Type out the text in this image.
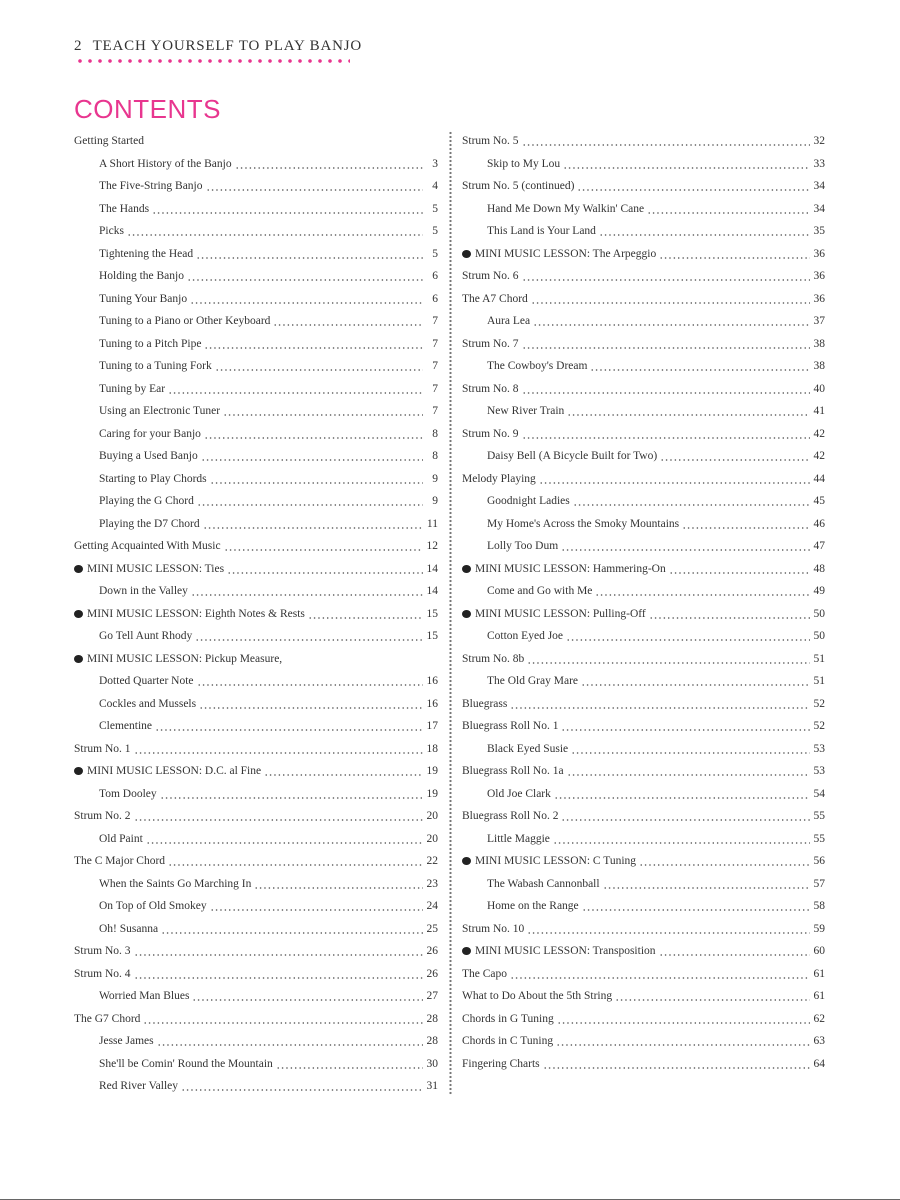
2 TEACH YOURSELF TO PLAY BANJO
CONTENTS
Getting Started
A Short History of the Banjo	3
The Five-String Banjo	4
The Hands	5
Picks	5
Tightening the Head	5
Holding the Banjo	6
Tuning Your Banjo	6
Tuning to a Piano or Other Keyboard	7
Tuning to a Pitch Pipe	7
Tuning to a Tuning Fork	7
Tuning by Ear	7
Using an Electronic Tuner	7
Caring for your Banjo	8
Buying a Used Banjo	8
Starting to Play Chords	9
Playing the G Chord	9
Playing the D7 Chord	11
Getting Acquainted With Music	12
MINI MUSIC LESSON: Ties	14
Down in the Valley	14
MINI MUSIC LESSON: Eighth Notes & Rests	15
Go Tell Aunt Rhody	15
MINI MUSIC LESSON: Pickup Measure,
Dotted Quarter Note	16
Cockles and Mussels	16
Clementine	17
Strum No. 1	18
MINI MUSIC LESSON: D.C. al Fine	19
Tom Dooley	19
Strum No. 2	20
Old Paint	20
The C Major Chord	22
When the Saints Go Marching In	23
On Top of Old Smokey	24
Oh! Susanna	25
Strum No. 3	26
Strum No. 4	26
Worried Man Blues	27
The G7 Chord	28
Jesse James	28
She'll be Comin' Round the Mountain	30
Red River Valley	31
Strum No. 5	32
Skip to My Lou	33
Strum No. 5 (continued)	34
Hand Me Down My Walkin' Cane	34
This Land is Your Land	35
MINI MUSIC LESSON: The Arpeggio	36
Strum No. 6	36
The A7 Chord	36
Aura Lea	37
Strum No. 7	38
The Cowboy's Dream	38
Strum No. 8	40
New River Train	41
Strum No. 9	42
Daisy Bell (A Bicycle Built for Two)	42
Melody Playing	44
Goodnight Ladies	45
My Home's Across the Smoky Mountains	46
Lolly Too Dum	47
MINI MUSIC LESSON: Hammering-On	48
Come and Go with Me	49
MINI MUSIC LESSON: Pulling-Off	50
Cotton Eyed Joe	50
Strum No. 8b	51
The Old Gray Mare	51
Bluegrass	52
Bluegrass Roll No. 1	52
Black Eyed Susie	53
Bluegrass Roll No. 1a	53
Old Joe Clark	54
Bluegrass Roll No. 2	55
Little Maggie	55
MINI MUSIC LESSON: C Tuning	56
The Wabash Cannonball	57
Home on the Range	58
Strum No. 10	59
MINI MUSIC LESSON: Transposition	60
The Capo	61
What to Do About the 5th String	61
Chords in G Tuning	62
Chords in C Tuning	63
Fingering Charts	64
